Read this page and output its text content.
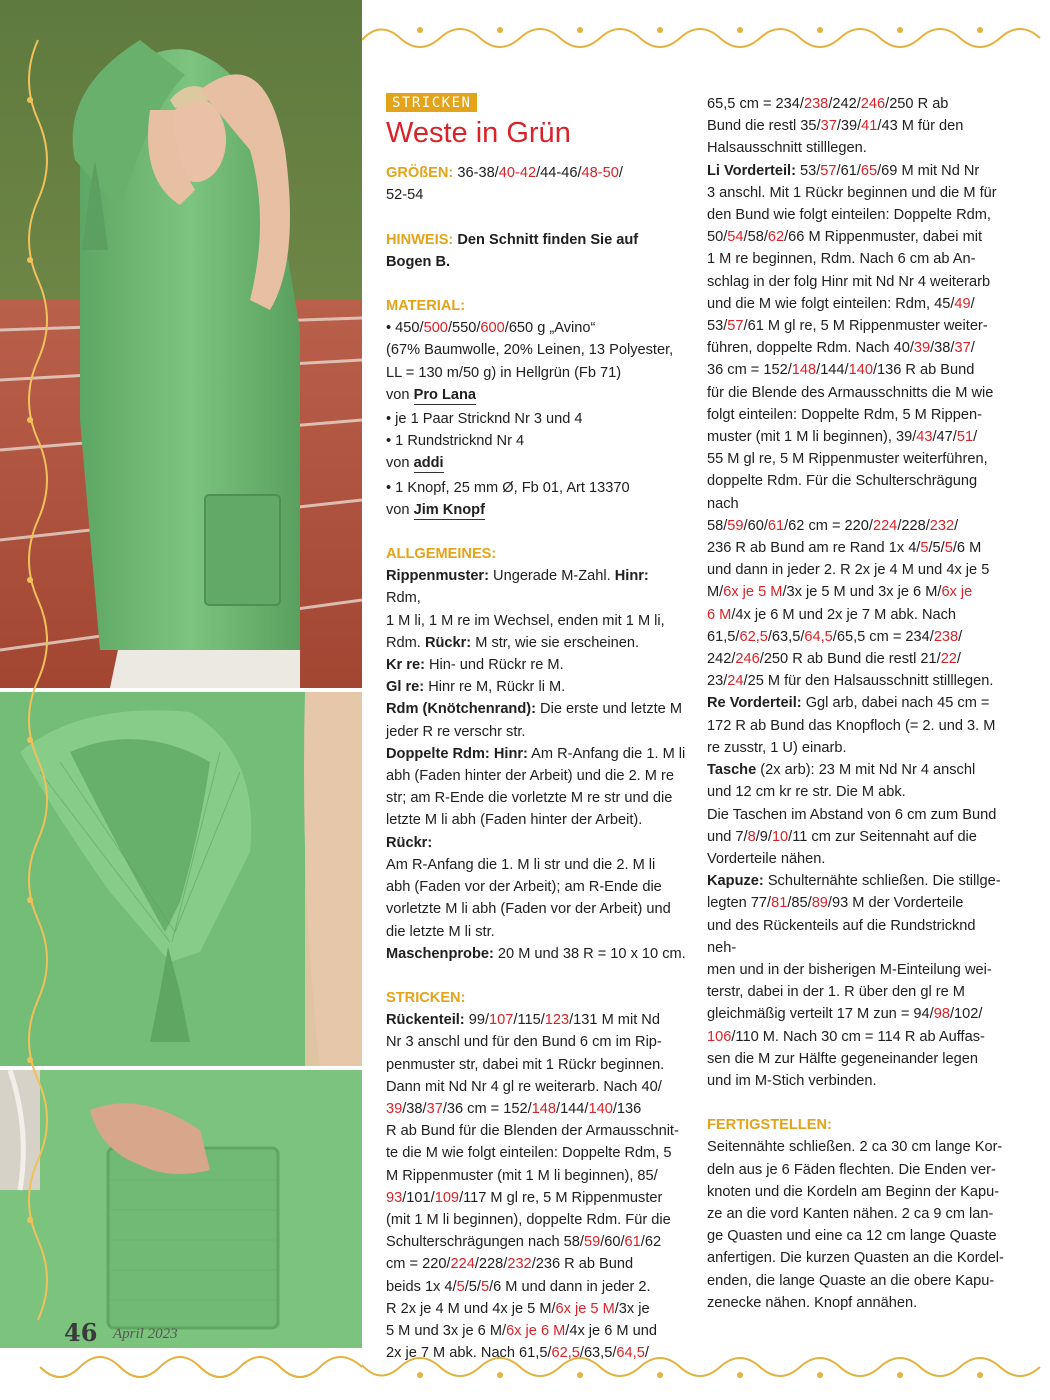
46 April 2023
STRICKEN
Weste in Grün

GRÖßEN: 36-38/40-42/44-46/48-50/

52-54

HINWEIS: Den Schnitt finden Sie auf

Bogen B.

MATERIAL:

• 450/500/550/600/650 g „Avino“

(67% Baumwolle, 20% Leinen, 13 Polyester,

LL = 130 m/50 g) in Hellgrün (Fb 71)

von Pro Lana

• je 1 Paar Stricknd Nr 3 und 4

• 1 Rundstricknd Nr 4

von addi

• 1 Knopf, 25 mm Ø, Fb 01, Art 13370

von Jim Knopf

ALLGEMEINES:

Rippenmuster: Ungerade M-Zahl. Hinr: Rdm,

1 M li, 1 M re im Wechsel, enden mit 1 M li,

Rdm. Rückr: M str, wie sie erscheinen.

Kr re: Hin- und Rückr re M.

Gl re: Hinr re M, Rückr li M.

Rdm (Knötchenrand): Die erste und letzte M

jeder R re verschr str.

Doppelte Rdm: Hinr: Am R-Anfang die 1. M li

abh (Faden hinter der Arbeit) und die 2. M re

str; am R-Ende die vorletzte M re str und die

letzte M li abh (Faden hinter der Arbeit). Rückr:

Am R-Anfang die 1. M li str und die 2. M li

abh (Faden vor der Arbeit); am R-Ende die

vorletzte M li abh (Faden vor der Arbeit) und

die letzte M li str.

Maschenprobe: 20 M und 38 R = 10 x 10 cm.

STRICKEN:

Rückenteil: 99/107/115/123/131 M mit Nd

Nr 3 anschl und für den Bund 6 cm im Rip-

penmuster str, dabei mit 1 Rückr beginnen.

Dann mit Nd Nr 4 gl re weiterarb. Nach 40/

39/38/37/36 cm = 152/148/144/140/136

R ab Bund für die Blenden der Armausschnit-

te die M wie folgt einteilen: Doppelte Rdm, 5

M Rippenmuster (mit 1 M li beginnen), 85/

93/101/109/117 M gl re, 5 M Rippenmuster

(mit 1 M li beginnen), doppelte Rdm. Für die

Schulterschrägungen nach 58/59/60/61/62

cm = 220/224/228/232/236 R ab Bund

beids 1x 4/5/5/5/6 M und dann in jeder 2.

R 2x je 4 M und 4x je 5 M/6x je 5 M/3x je

5 M und 3x je 6 M/6x je 6 M/4x je 6 M und

2x je 7 M abk. Nach 61,5/62,5/63,5/64,5/

65,5 cm = 234/238/242/246/250 R ab

Bund die restl 35/37/39/41/43 M für den

Halsausschnitt stilllegen.

Li Vorderteil: 53/57/61/65/69 M mit Nd Nr

3 anschl. Mit 1 Rückr beginnen und die M für

den Bund wie folgt einteilen: Doppelte Rdm,

50/54/58/62/66 M Rippenmuster, dabei mit

1 M re beginnen, Rdm. Nach 6 cm ab An-

schlag in der folg Hinr mit Nd Nr 4 weiterarb

und die M wie folgt einteilen: Rdm, 45/49/

53/57/61 M gl re, 5 M Rippenmuster weiter-

führen, doppelte Rdm. Nach 40/39/38/37/

36 cm = 152/148/144/140/136 R ab Bund

für die Blende des Armausschnitts die M wie

folgt einteilen: Doppelte Rdm, 5 M Rippen-

muster (mit 1 M li beginnen), 39/43/47/51/

55 M gl re, 5 M Rippenmuster weiterführen,

doppelte Rdm. Für die Schulterschrägung nach

58/59/60/61/62 cm = 220/224/228/232/

236 R ab Bund am re Rand 1x 4/5/5/5/6 M

und dann in jeder 2. R 2x je 4 M und 4x je 5

M/6x je 5 M/3x je 5 M und 3x je 6 M/6x je

6 M/4x je 6 M und 2x je 7 M abk. Nach

61,5/62,5/63,5/64,5/65,5 cm = 234/238/

242/246/250 R ab Bund die restl 21/22/

23/24/25 M für den Halsausschnitt stilllegen.

Re Vorderteil: Ggl arb, dabei nach 45 cm =

172 R ab Bund das Knopfloch (= 2. und 3. M

re zusstr, 1 U) einarb.

Tasche (2x arb): 23 M mit Nd Nr 4 anschl

und 12 cm kr re str. Die M abk.

Die Taschen im Abstand von 6 cm zum Bund

und 7/8/9/10/11 cm zur Seitennaht auf die

Vorderteile nähen.

Kapuze: Schulternähte schließen. Die stillge-

legten 77/81/85/89/93 M der Vorderteile

und des Rückenteils auf die Rundstricknd neh-

men und in der bisherigen M-Einteilung wei-

terstr, dabei in der 1. R über den gl re M

gleichmäßig verteilt 17 M zun = 94/98/102/

106/110 M. Nach 30 cm = 114 R ab Auffas-

sen die M zur Hälfte gegeneinander legen

und im M-Stich verbinden.

FERTIGSTELLEN:

Seitennähte schließen. 2 ca 30 cm lange Kor-

deln aus je 6 Fäden flechten. Die Enden ver-

knoten und die Kordeln am Beginn der Kapu-

ze an die vord Kanten nähen. 2 ca 9 cm lan-

ge Quasten und eine ca 12 cm lange Quaste

anfertigen. Die kurzen Quasten an die Kordel-

enden, die lange Quaste an die obere Kapu-

zenecke nähen. Knopf annähen.
